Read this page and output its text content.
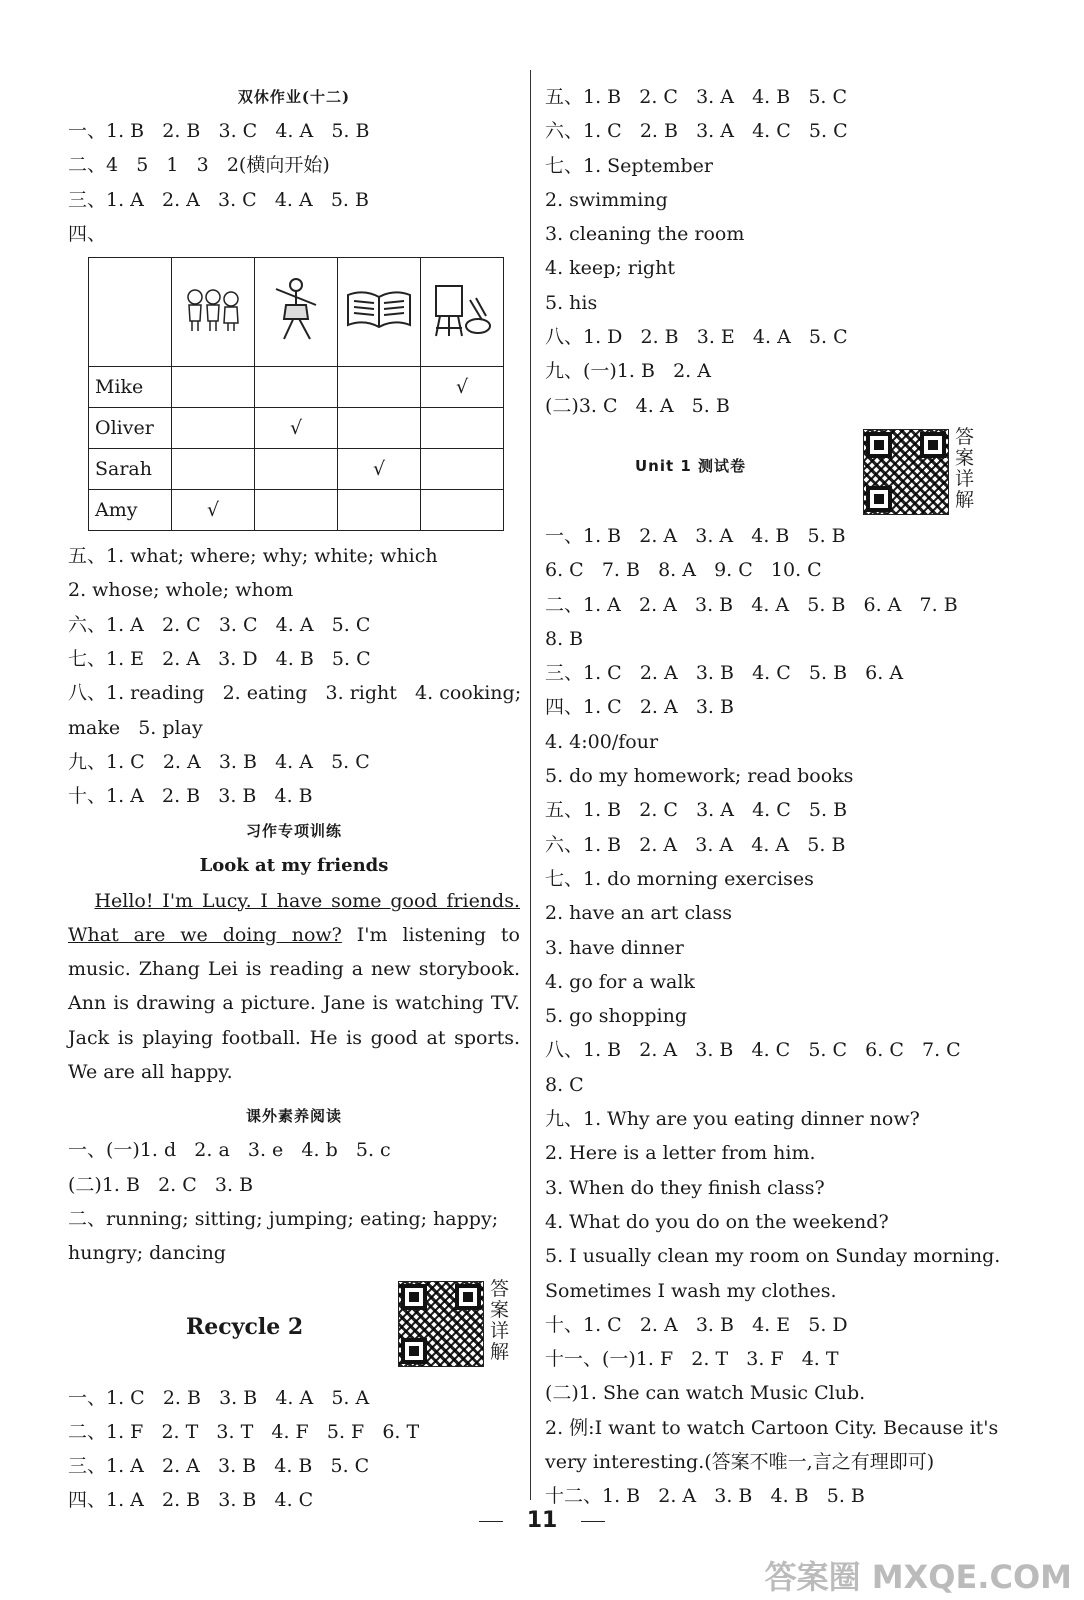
双休作业(十二)

一、1. B   2. B   3. C   4. A   5. B

二、4   5   1   3   2(横向开始)

三、1. A   2. A   3. C   4. A   5. B

四、

Mike				√
Oliver		√		
Sarah			√	
Amy	√			

五、1. what; where; why; white; which

2. whose; whole; whom

六、1. A   2. C   3. C   4. A   5. C

七、1. E   2. A   3. D   4. B   5. C

八、1. reading   2. eating   3. right   4. cooking;

make   5. play

九、1. C   2. A   3. B   4. A   5. C

十、1. A   2. B   3. B   4. B

习作专项训练

Look at my friends

Hello! I'm Lucy. I have some good friends. What are we doing now? I'm listening to music. Zhang Lei is reading a new storybook. Ann is drawing a picture. Jane is watching TV. Jack is playing football. He is good at sports. We are all happy.

课外素养阅读

一、(一)1. d   2. a   3. e   4. b   5. c

(二)1. B   2. C   3. B

二、running; sitting; jumping; eating; happy;

hungry; dancing

Recycle 2

答案详解

一、1. C   2. B   3. B   4. A   5. A

二、1. F   2. T   3. T   4. F   5. F   6. T

三、1. A   2. A   3. B   4. B   5. C

四、1. A   2. B   3. B   4. C

五、1. B   2. C   3. A   4. B   5. C

六、1. C   2. B   3. A   4. C   5. C

七、1. September

2. swimming

3. cleaning the room

4. keep; right

5. his

八、1. D   2. B   3. E   4. A   5. C

九、(一)1. B   2. A

(二)3. C   4. A   5. B

Unit 1 测试卷

答案详解

一、1. B   2. A   3. A   4. B   5. B

6. C   7. B   8. A   9. C   10. C

二、1. A   2. A   3. B   4. A   5. B   6. A   7. B

8. B

三、1. C   2. A   3. B   4. C   5. B   6. A

四、1. C   2. A   3. B

4. 4:00/four

5. do my homework; read books

五、1. B   2. C   3. A   4. C   5. B

六、1. B   2. A   3. A   4. A   5. B

七、1. do morning exercises

2. have an art class

3. have dinner

4. go for a walk

5. go shopping

八、1. B   2. A   3. B   4. C   5. C   6. C   7. C

8. C

九、1. Why are you eating dinner now?

2. Here is a letter from him.

3. When do they finish class?

4. What do you do on the weekend?

5. I usually clean my room on Sunday morning.

Sometimes I wash my clothes.

十、1. C   2. A   3. B   4. E   5. D

十一、(一)1. F   2. T   3. F   4. T

(二)1. She can watch Music Club.

2. 例:I want to watch Cartoon City. Because it's

very interesting.(答案不唯一,言之有理即可)

十二、1. B   2. A   3. B   4. B   5. B

11
答案圈 MXQE.COM
